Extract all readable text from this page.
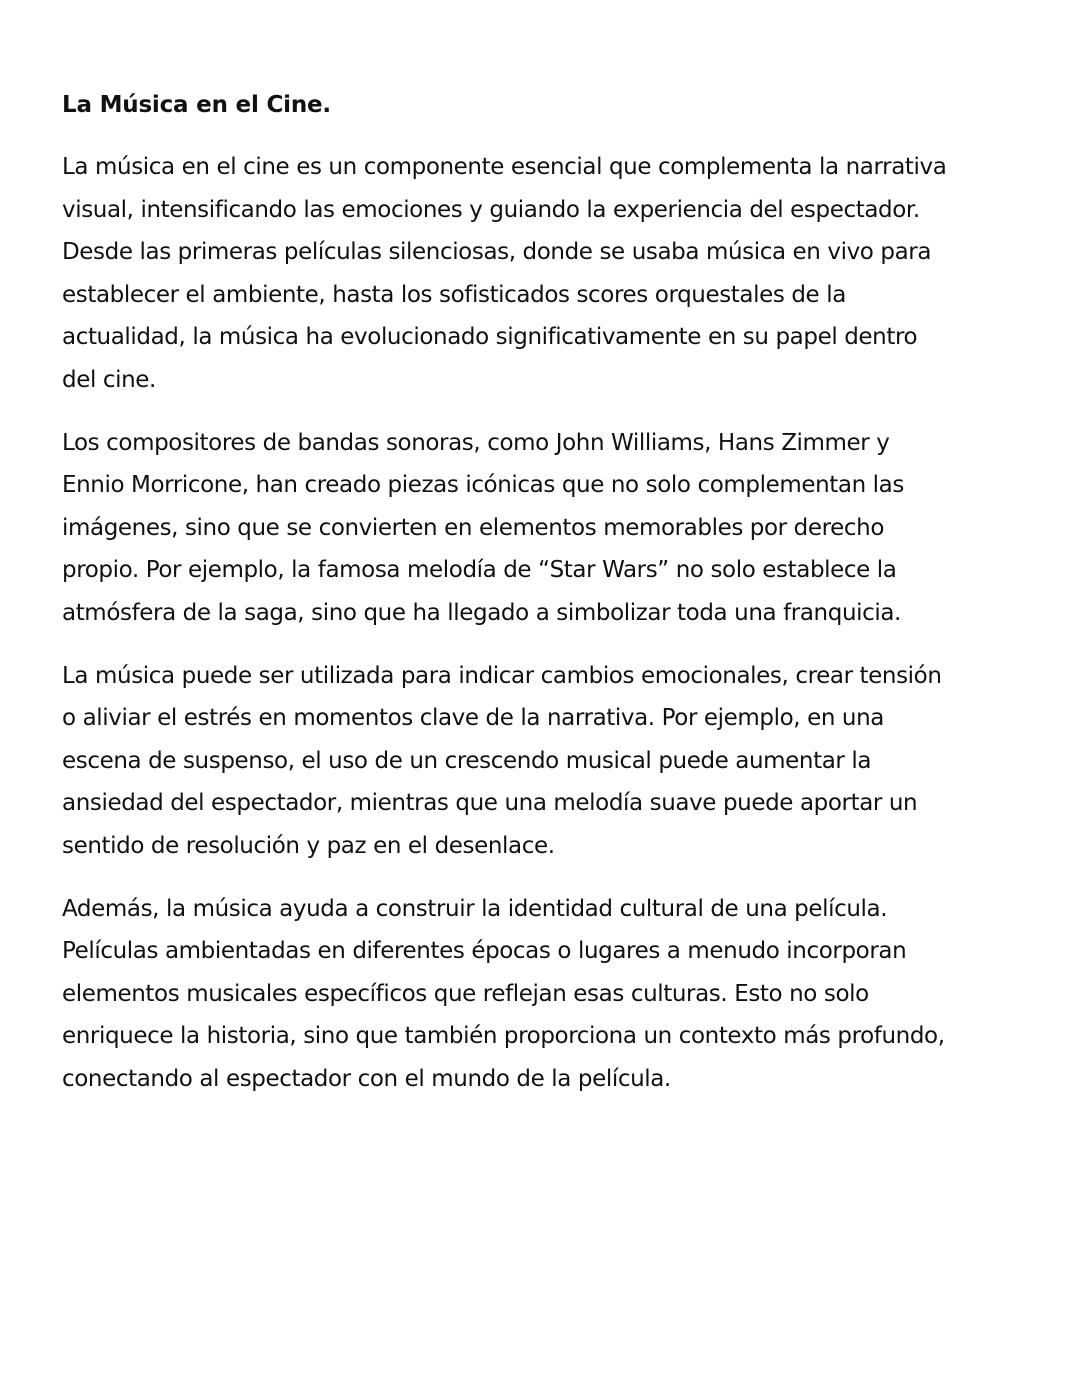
La Música en el Cine.

La música en el cine es un componente esencial que complementa la narrativa visual, intensificando las emociones y guiando la experiencia del espectador. Desde las primeras películas silenciosas, donde se usaba música en vivo para establecer el ambiente, hasta los sofisticados scores orquestales de la actualidad, la música ha evolucionado significativamente en su papel dentro del cine.

Los compositores de bandas sonoras, como John Williams, Hans Zimmer y Ennio Morricone, han creado piezas icónicas que no solo complementan las imágenes, sino que se convierten en elementos memorables por derecho propio. Por ejemplo, la famosa melodía de “Star Wars” no solo establece la atmósfera de la saga, sino que ha llegado a simbolizar toda una franquicia.

La música puede ser utilizada para indicar cambios emocionales, crear tensión o aliviar el estrés en momentos clave de la narrativa. Por ejemplo, en una escena de suspenso, el uso de un crescendo musical puede aumentar la ansiedad del espectador, mientras que una melodía suave puede aportar un sentido de resolución y paz en el desenlace.

Además, la música ayuda a construir la identidad cultural de una película. Películas ambientadas en diferentes épocas o lugares a menudo incorporan elementos musicales específicos que reflejan esas culturas. Esto no solo enriquece la historia, sino que también proporciona un contexto más profundo, conectando al espectador con el mundo de la película.
